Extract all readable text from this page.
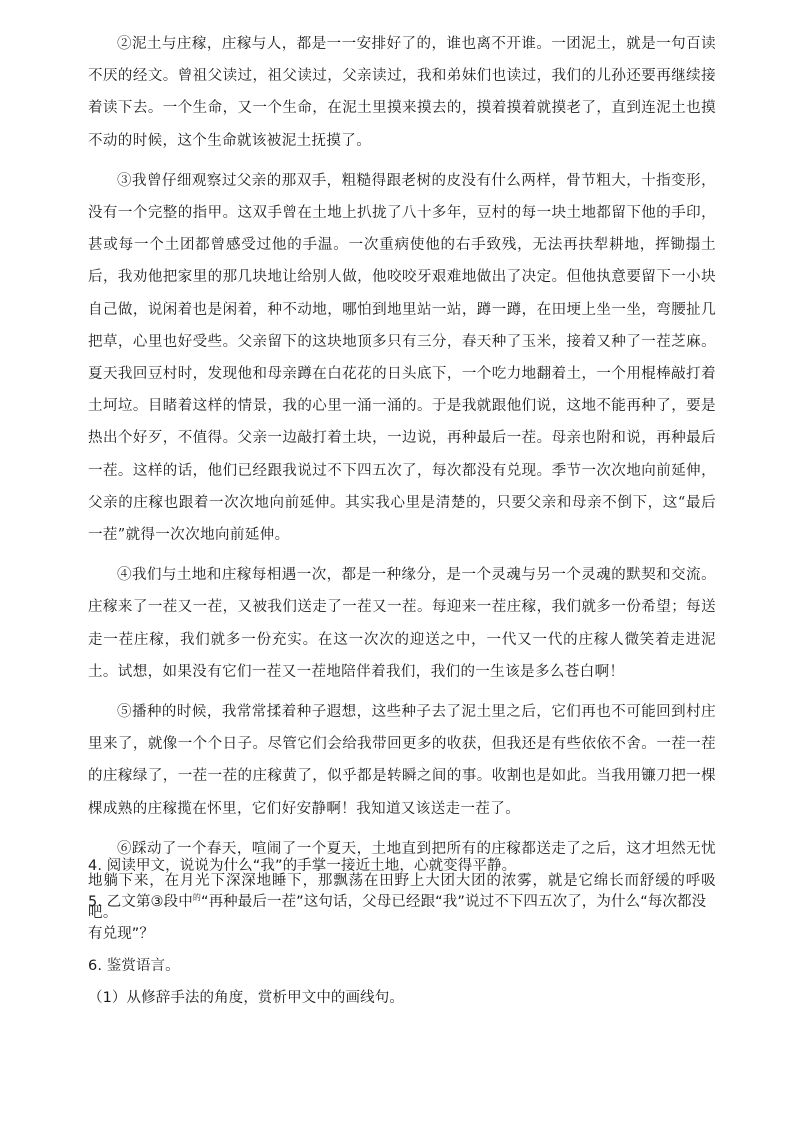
②泥土与庄稼，庄稼与人，都是一一安排好了的，谁也离不开谁。一团泥土，就是一句百读不厌的经文。曾祖父读过，祖父读过，父亲读过，我和弟妹们也读过，我们的儿孙还要再继续接着读下去。一个生命，又一个生命，在泥土里摸来摸去的，摸着摸着就摸老了，直到连泥土也摸不动的时候，这个生命就该被泥土抚摸了。

③我曾仔细观察过父亲的那双手，粗糙得跟老树的皮没有什么两样，骨节粗大，十指变形，没有一个完整的指甲。这双手曾在土地上扒拢了八十多年，豆村的每一块土地都留下他的手印，甚或每一个土团都曾感受过他的手温。一次重病使他的右手致残，无法再扶犁耕地，挥锄搨土后，我劝他把家里的那几块地让给别人做，他咬咬牙艰难地做出了决定。但他执意要留下一小块自己做，说闲着也是闲着，种不动地，哪怕到地里站一站，蹲一蹲，在田埂上坐一坐，弯腰扯几把草，心里也好受些。父亲留下的这块地顶多只有三分，春天种了玉米，接着又种了一茬芝麻。夏天我回豆村时，发现他和母亲蹲在白花花的日头底下，一个吃力地翻着土，一个用棍棒敲打着土坷垃。目睹着这样的情景，我的心里一涌一涌的。于是我就跟他们说，这地不能再种了，要是热出个好歹，不值得。父亲一边敲打着土块，一边说，再种最后一茬。母亲也附和说，再种最后一茬。这样的话，他们已经跟我说过不下四五次了，每次都没有兑现。季节一次次地向前延伸，父亲的庄稼也跟着一次次地向前延伸。其实我心里是清楚的，只要父亲和母亲不倒下，这“最后一茬”就得一次次地向前延伸。

④我们与土地和庄稼每相遇一次，都是一种缘分，是一个灵魂与另一个灵魂的默契和交流。庄稼来了一茬又一茬，又被我们送走了一茬又一茬。每迎来一茬庄稼，我们就多一份希望；每送走一茬庄稼，我们就多一份充实。在这一次次的迎送之中，一代又一代的庄稼人微笑着走进泥土。试想，如果没有它们一茬又一茬地陪伴着我们，我们的一生该是多么苍白啊！

⑤播种的时候，我常常揉着种子遐想，这些种子去了泥土里之后，它们再也不可能回到村庄里来了，就像一个个日子。尽管它们会给我带回更多的收获，但我还是有些依依不舍。一茬一茬的庄稼绿了，一茬一茬的庄稼黄了，似乎都是转瞬之间的事。收割也是如此。当我用镰刀把一棵棵成熟的庄稼揽在怀里，它们好安静啊！我知道又该送走一茬了。

⑥踩动了一个春天，喧闹了一个夏天，土地直到把所有的庄稼都送走了之后，这才坦然无忧地躺下来，在月光下深深地睡下，那飘荡在田野上大团大团的浓雾，就是它绵长而舒缓的呼吸吧。

4. 阅读甲文，说说为什么“我”的手掌一接近土地，心就变得平静。

5. 乙文第③段中$^的$“再种最后一茬”这句话，父母已经跟“我”说过不下四五次了，为什么“每次都没有兑现”？

6. 鉴赏语言。

（1）从修辞手法的角度，赏析甲文中的画线句。
